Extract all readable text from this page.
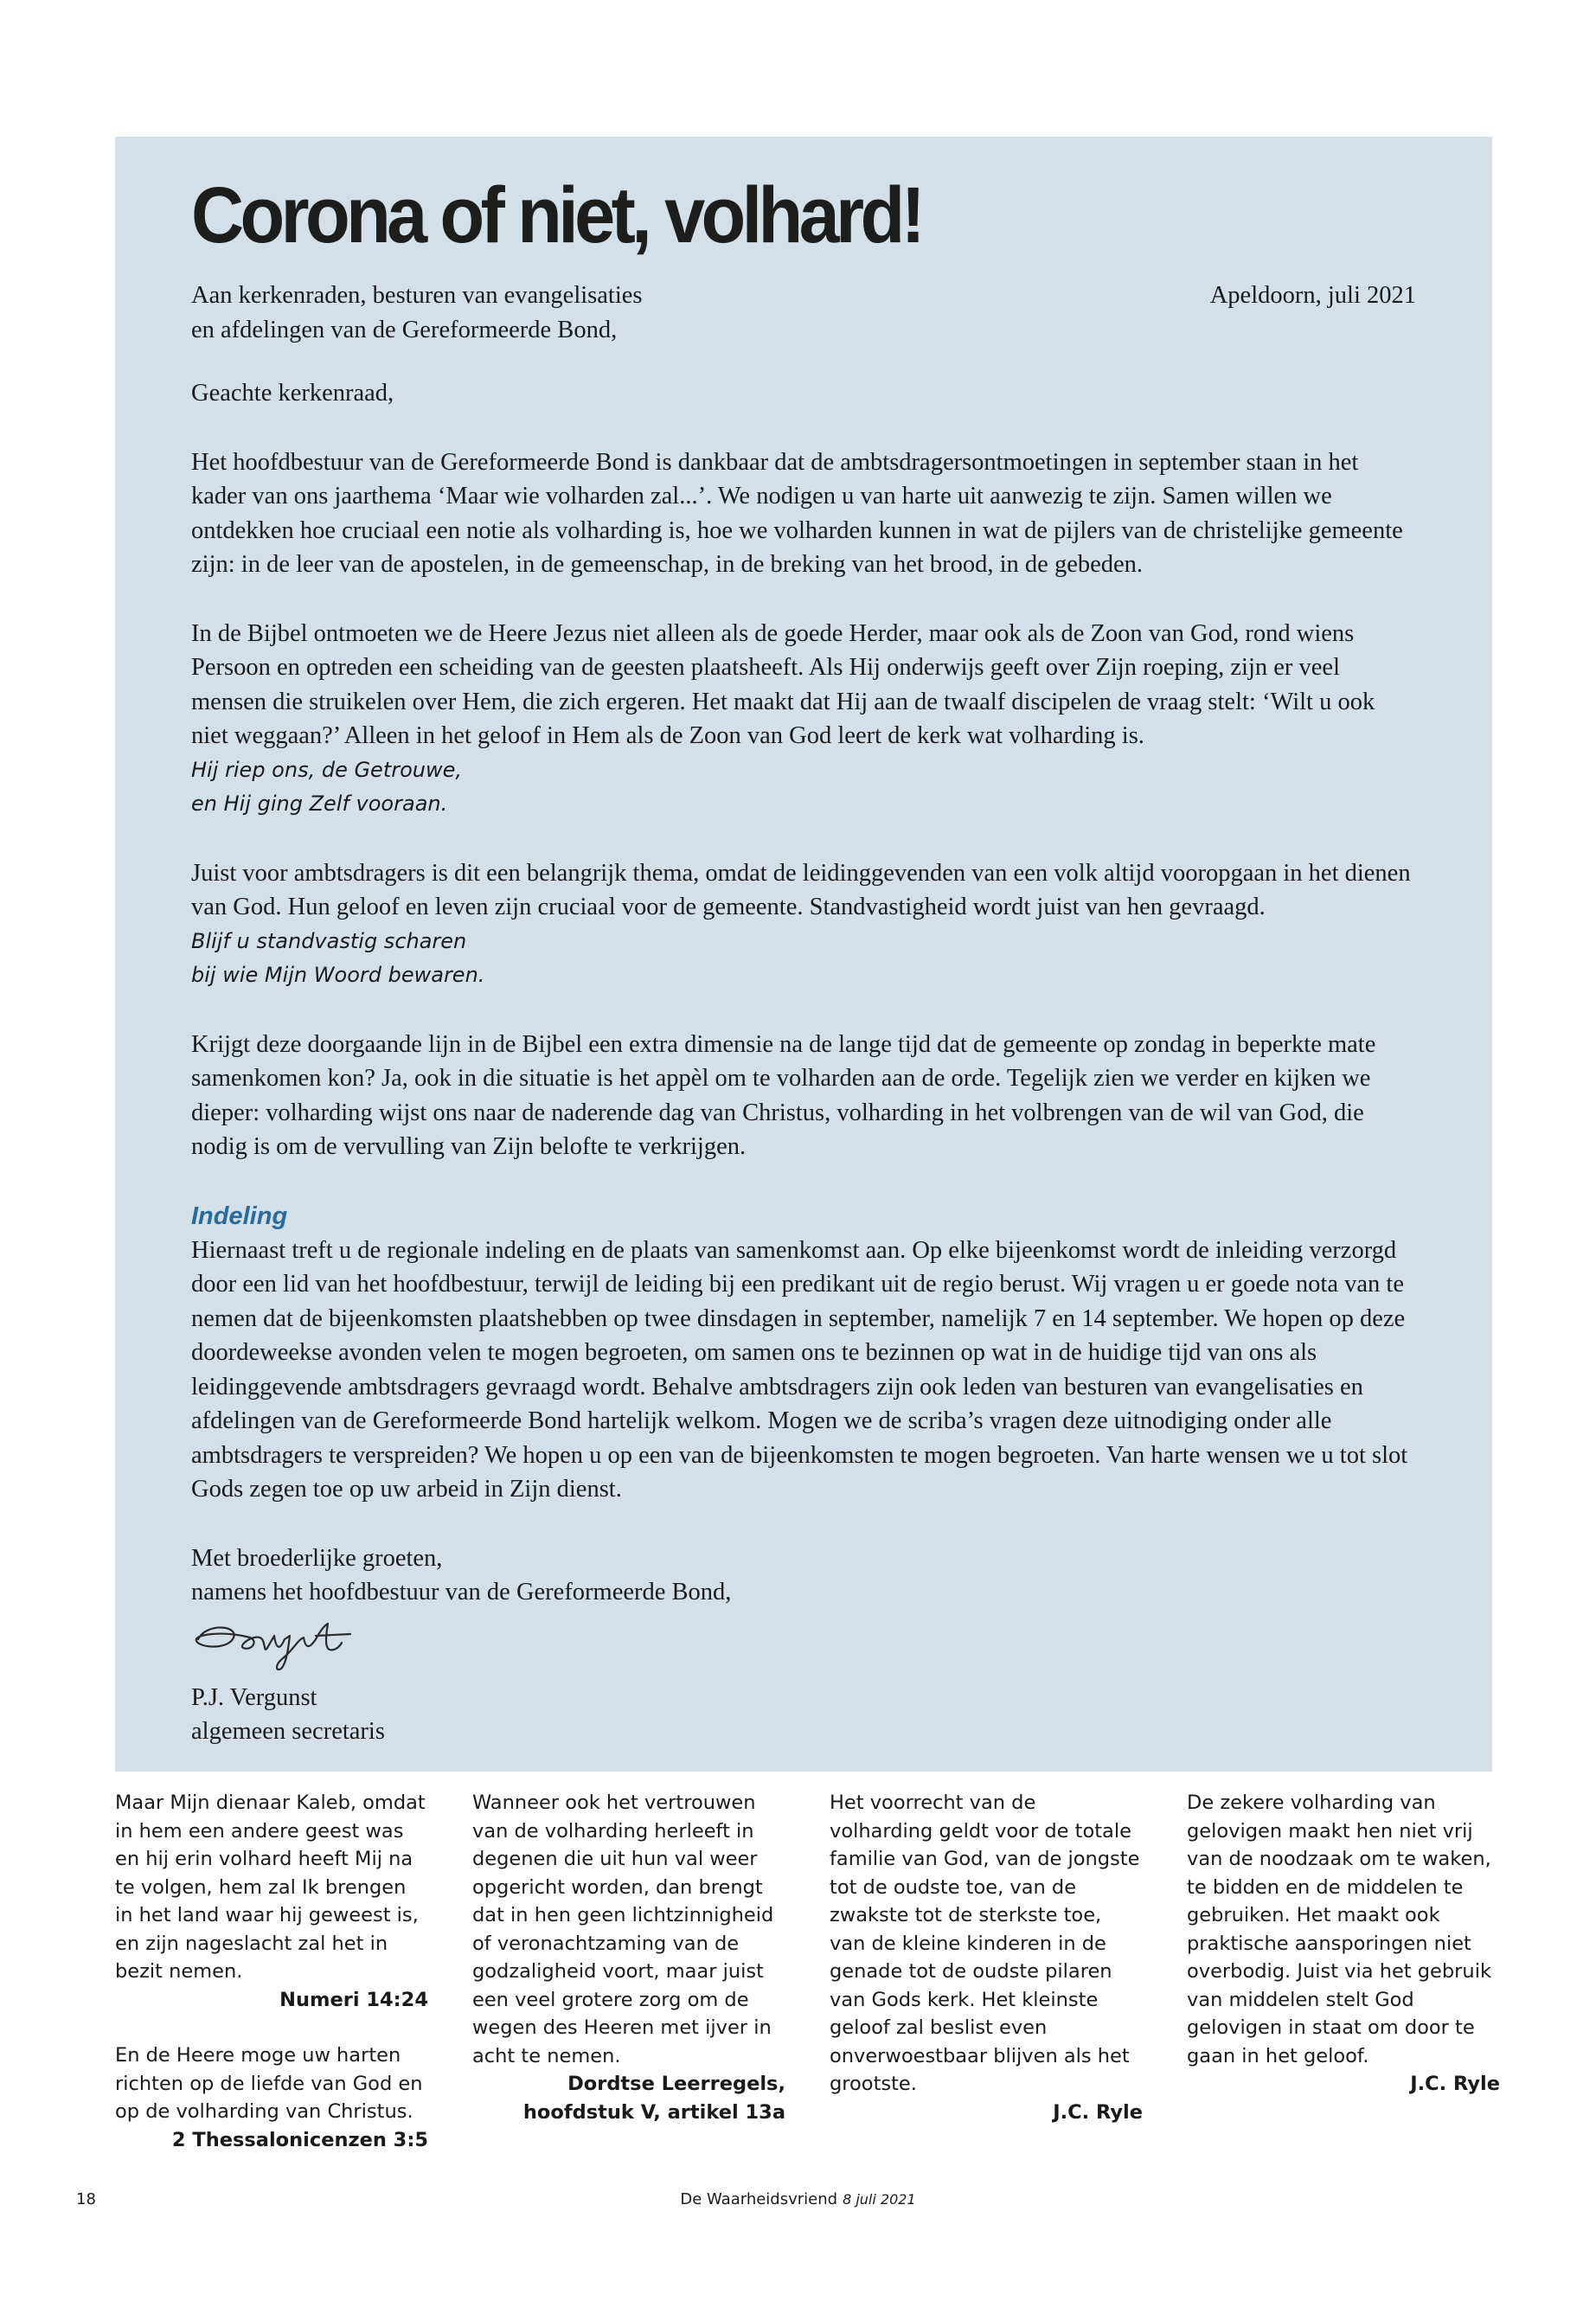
Corona of niet, volhard!

Aan kerkenraden, besturen van evangelisaties

en afdelingen van de Gereformeerde Bond,

Apeldoorn, juli 2021

Geachte kerkenraad,

Het hoofdbestuur van de Gereformeerde Bond is dankbaar dat de ambtsdragersontmoetingen in september staan in het kader van ons jaarthema ‘Maar wie volharden zal...’. We nodigen u van harte uit aanwezig te zijn. Samen willen we ontdekken hoe cruciaal een notie als volharding is, hoe we volharden kunnen in wat de pijlers van de christelijke gemeente zijn: in de leer van de apostelen, in de gemeenschap, in de breking van het brood, in de gebeden.

In de Bijbel ontmoeten we de Heere Jezus niet alleen als de goede Herder, maar ook als de Zoon van God, rond wiens Persoon en optreden een scheiding van de geesten plaatsheeft. Als Hij onderwijs geeft over Zijn roeping, zijn er veel mensen die struikelen over Hem, die zich ergeren. Het maakt dat Hij aan de twaalf discipelen de vraag stelt: ‘Wilt u ook niet weggaan?’ Alleen in het geloof in Hem als de Zoon van God leert de kerk wat volharding is.

Hij riep ons, de Getrouwe,

en Hij ging Zelf vooraan.

Juist voor ambtsdragers is dit een belangrijk thema, omdat de leidinggevenden van een volk altijd vooropgaan in het dienen van God. Hun geloof en leven zijn cruciaal voor de gemeente. Standvastigheid wordt juist van hen gevraagd.

Blijf u standvastig scharen

bij wie Mijn Woord bewaren.

Krijgt deze doorgaande lijn in de Bijbel een extra dimensie na de lange tijd dat de gemeente op zondag in beperkte mate samenkomen kon? Ja, ook in die situatie is het appèl om te volharden aan de orde. Tegelijk zien we verder en kijken we dieper: volharding wijst ons naar de naderende dag van Christus, volharding in het volbrengen van de wil van God, die nodig is om de vervulling van Zijn belofte te verkrijgen.

Indeling

Hiernaast treft u de regionale indeling en de plaats van samenkomst aan. Op elke bijeenkomst wordt de inleiding verzorgd door een lid van het hoofdbestuur, terwijl de leiding bij een predikant uit de regio berust. Wij vragen u er goede nota van te nemen dat de bijeenkomsten plaatshebben op twee dinsdagen in september, namelijk 7 en 14 september. We hopen op deze doordeweekse avonden velen te mogen begroeten, om samen ons te bezinnen op wat in de huidige tijd van ons als leidinggevende ambtsdragers gevraagd wordt. Behalve ambtsdragers zijn ook leden van besturen van evangelisaties en afdelingen van de Gereformeerde Bond hartelijk welkom. Mogen we de scriba’s vragen deze uitnodiging onder alle ambtsdragers te verspreiden? We hopen u op een van de bijeenkomsten te mogen begroeten. Van harte wensen we u tot slot Gods zegen toe op uw arbeid in Zijn dienst.

Met broederlijke groeten,

namens het hoofdbestuur van de Gereformeerde Bond,

P.J. Vergunst

algemeen secretaris

Maar Mijn dienaar Kaleb, omdat in hem een andere geest was en hij erin volhard heeft Mij na te volgen, hem zal Ik brengen in het land waar hij geweest is, en zijn nageslacht zal het in bezit nemen.

Numeri 14:24

En de Heere moge uw harten richten op de liefde van God en op de volharding van Christus.

2 Thessalonicenzen 3:5

Wanneer ook het vertrouwen van de volharding herleeft in degenen die uit hun val weer opgericht worden, dan brengt dat in hen geen lichtzinnigheid of veronachtzaming van de godzaligheid voort, maar juist een veel grotere zorg om de wegen des Heeren met ijver in acht te nemen.

Dordtse Leerregels,

hoofdstuk V, artikel 13a

Het voorrecht van de volharding geldt voor de totale familie van God, van de jongste tot de oudste toe, van de zwakste tot de sterkste toe, van de kleine kinderen in de genade tot de oudste pilaren van Gods kerk. Het kleinste geloof zal beslist even onverwoestbaar blijven als het grootste.

J.C. Ryle

De zekere volharding van gelovigen maakt hen niet vrij van de noodzaak om te waken, te bidden en de middelen te gebruiken. Het maakt ook praktische aansporingen niet overbodig. Juist via het gebruik van middelen stelt God gelovigen in staat om door te gaan in het geloof.

J.C. Ryle

18	De Waarheidsvriend 8 juli 2021
